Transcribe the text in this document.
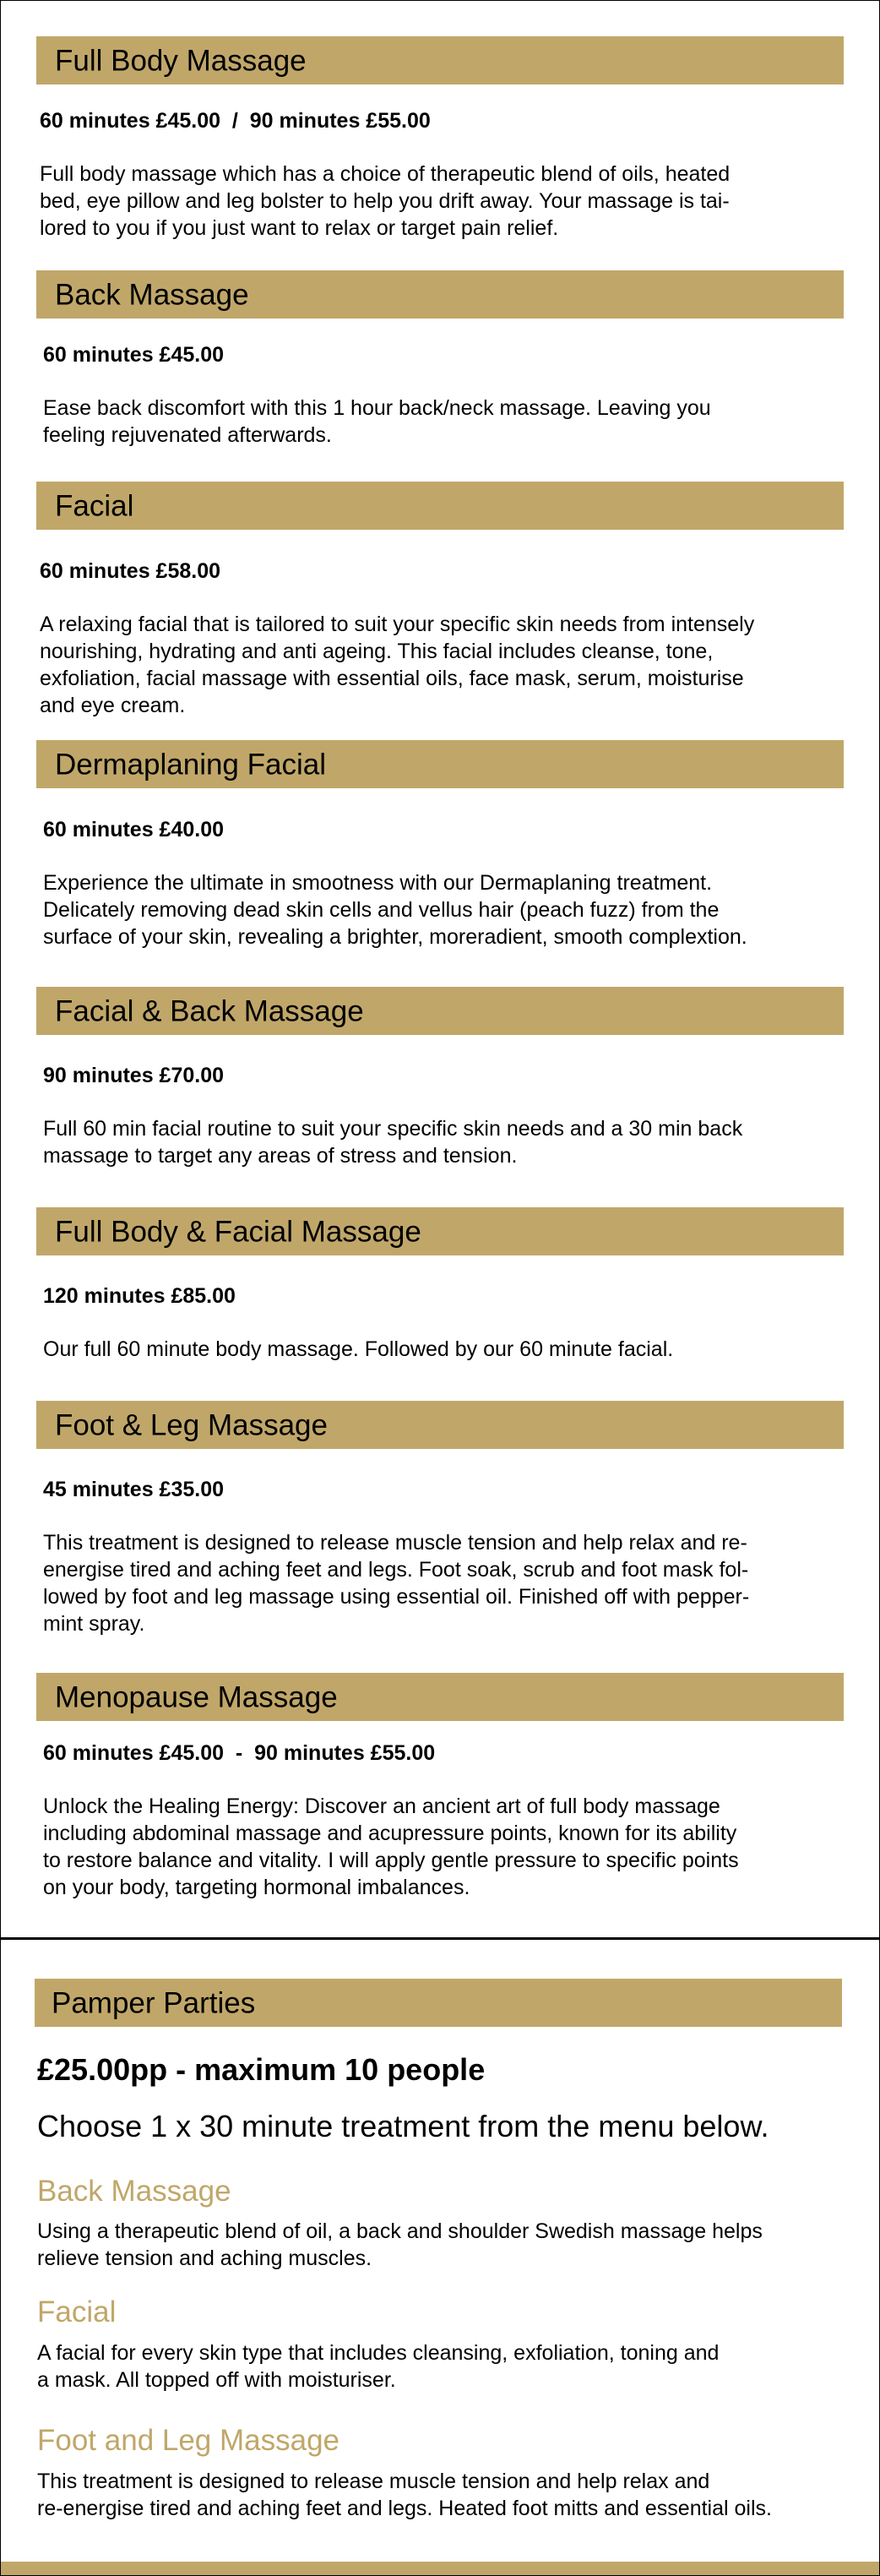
Full Body Massage
60 minutes £45.00  /  90 minutes £55.00

Full body massage which has a choice of therapeutic blend of oils, heated
bed, eye pillow and leg bolster to help you drift away. Your massage is tai-
lored to you if you just want to relax or target pain relief.

Back Massage
60 minutes £45.00

Ease back discomfort with this 1 hour back/neck massage. Leaving you
feeling rejuvenated afterwards.

Facial
60 minutes £58.00

A relaxing facial that is tailored to suit your specific skin needs from intensely
nourishing, hydrating and anti ageing. This facial includes cleanse, tone,
exfoliation, facial massage with essential oils, face mask, serum, moisturise
and eye cream.

Dermaplaning Facial
60 minutes £40.00

Experience the ultimate in smootness with our Dermaplaning treatment.
Delicately removing dead skin cells and vellus hair (peach fuzz) from the
surface of your skin, revealing a brighter, moreradient, smooth complextion.

Facial & Back Massage
90 minutes £70.00

Full 60 min facial routine to suit your specific skin needs and a 30 min back
massage to target any areas of stress and tension.

Full Body & Facial Massage
120 minutes £85.00

Our full 60 minute body massage. Followed by our 60 minute facial.

Foot & Leg Massage
45 minutes £35.00

This treatment is designed to release muscle tension and help relax and re-
energise tired and aching feet and legs. Foot soak, scrub and foot mask fol-
lowed by foot and leg massage using essential oil. Finished off with pepper-
mint spray.

Menopause Massage
60 minutes £45.00  -  90 minutes £55.00

Unlock the Healing Energy: Discover an ancient art of full body massage
including abdominal massage and acupressure points, known for its ability
to restore balance and vitality. I will apply gentle pressure to specific points
on your body, targeting hormonal imbalances.

Pamper Parties
£25.00pp - maximum 10 people
Choose 1 x 30 minute treatment from the menu below.
Back Massage

Using a therapeutic blend of oil, a back and shoulder Swedish massage helps
relieve tension and aching muscles.

Facial

A facial for every skin type that includes cleansing, exfoliation, toning and
a mask. All topped off with moisturiser.

Foot and Leg Massage

This treatment is designed to release muscle tension and help relax and
re-energise tired and aching feet and legs. Heated foot mitts and essential oils.
